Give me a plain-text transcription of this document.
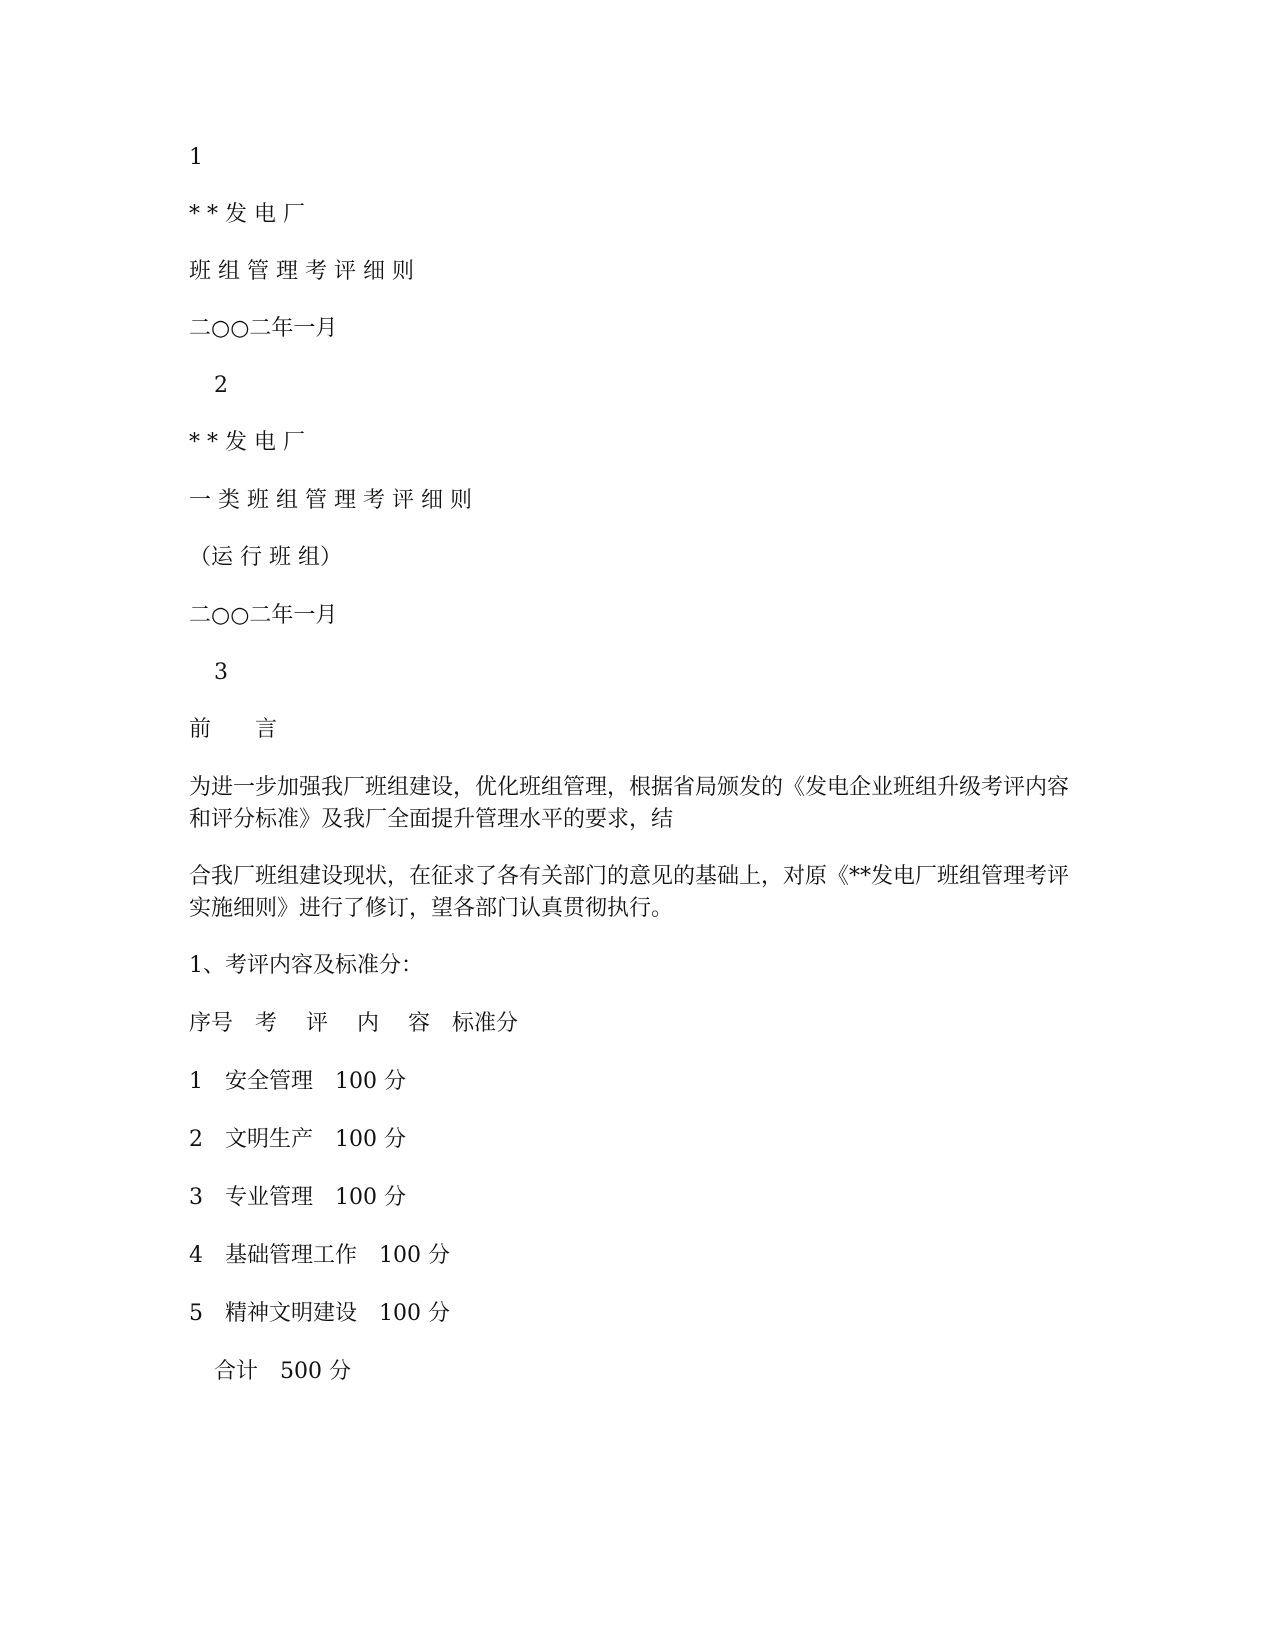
1

* * 发 电 厂

班 组 管 理 考 评 细 则

二○○二年一月

2

* * 发 电 厂

一 类 班 组 管 理 考 评 细 则

（运 行 班 组）

二○○二年一月

3

前　　言

为进一步加强我厂班组建设，优化班组管理，根据省局颁发的《发电企业班组升级考评内容和评分标准》及我厂全面提升管理水平的要求，结

合我厂班组建设现状，在征求了各有关部门的意见的基础上，对原《**发电厂班组管理考评实施细则》进行了修订，望各部门认真贯彻执行。

1、考评内容及标准分：

序号　考　 评　 内　 容　标准分

1　安全管理　100 分

2　文明生产　100 分

3　专业管理　100 分

4　基础管理工作　100 分

5　精神文明建设　100 分

合计　500 分
